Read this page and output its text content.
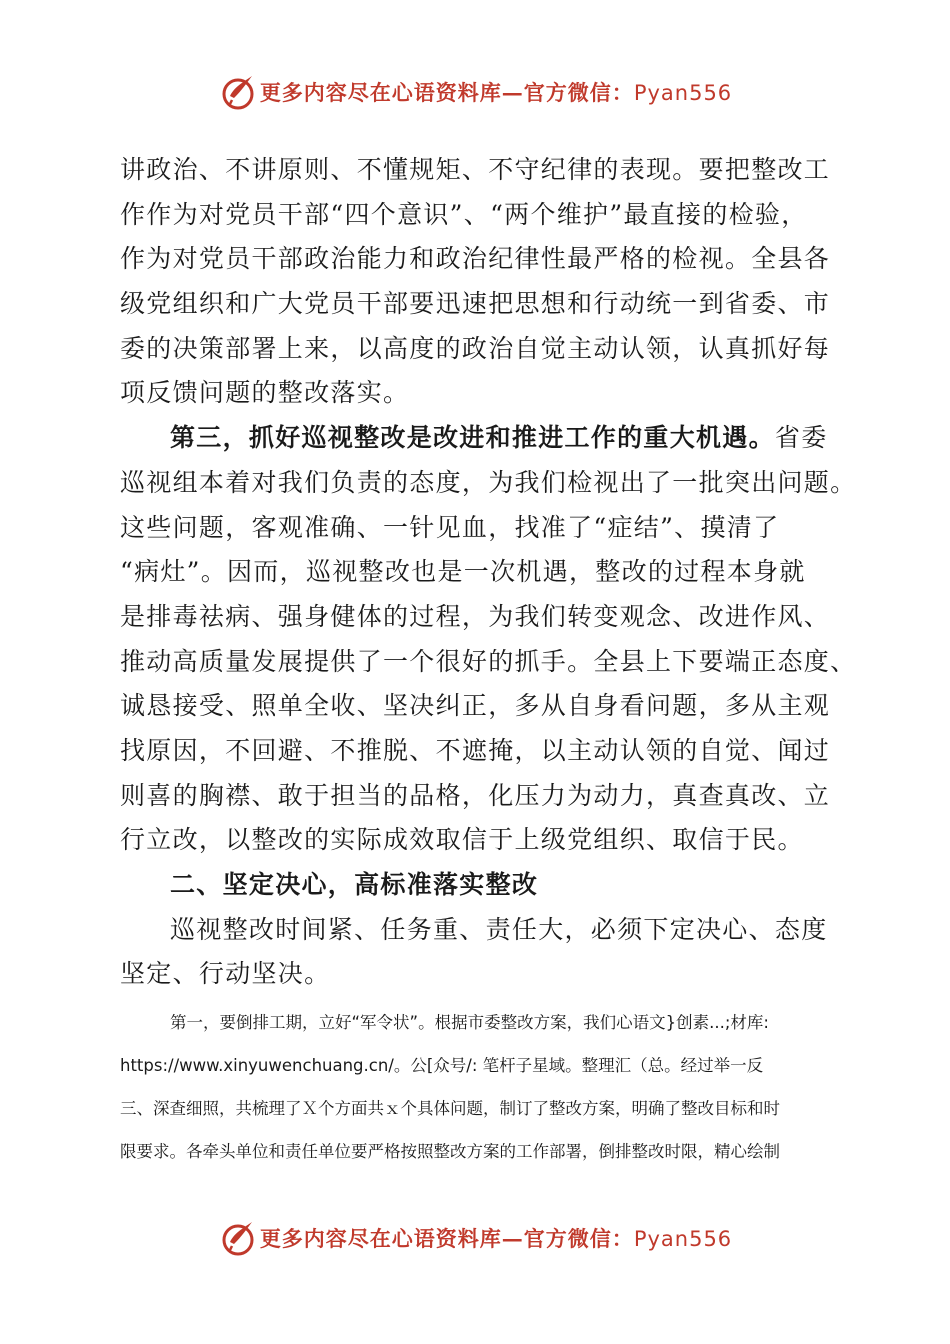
更多内容尽在心语资料库—官方微信：Pyan556
讲政治、不讲原则、不懂规矩、不守纪律的表现。要把整改工
作作为对党员干部“四个意识”、“两个维护”最直接的检验，
作为对党员干部政治能力和政治纪律性最严格的检视。全县各
级党组织和广大党员干部要迅速把思想和行动统一到省委、市
委的决策部署上来，以高度的政治自觉主动认领，认真抓好每
项反馈问题的整改落实。
第三，抓好巡视整改是改进和推进工作的重大机遇。省委
巡视组本着对我们负责的态度，为我们检视出了一批突出问题。
这些问题，客观准确、一针见血，找准了“症结”、摸清了
“病灶”。因而，巡视整改也是一次机遇，整改的过程本身就
是排毒祛病、强身健体的过程，为我们转变观念、改进作风、
推动高质量发展提供了一个很好的抓手。全县上下要端正态度、
诚恳接受、照单全收、坚决纠正，多从自身看问题，多从主观
找原因，不回避、不推脱、不遮掩，以主动认领的自觉、闻过
则喜的胸襟、敢于担当的品格，化压力为动力，真查真改、立
行立改，以整改的实际成效取信于上级党组织、取信于民。
二、坚定决心，高标准落实整改
巡视整改时间紧、任务重、责任大，必须下定决心、态度
坚定、行动坚决。
第一，要倒排工期，立好“军令状”。根据市委整改方案，我们心语文}创素...;材库:
https://www.xinyuwenchuang.cn/。公[众号/: 笔杆子星域。整理汇（总。经过举一反
三、深查细照，共梳理了Ｘ个方面共ｘ个具体问题，制订了整改方案，明确了整改目标和时
限要求。各牵头单位和责任单位要严格按照整改方案的工作部署，倒排整改时限，精心绘制
更多内容尽在心语资料库—官方微信：Pyan556
